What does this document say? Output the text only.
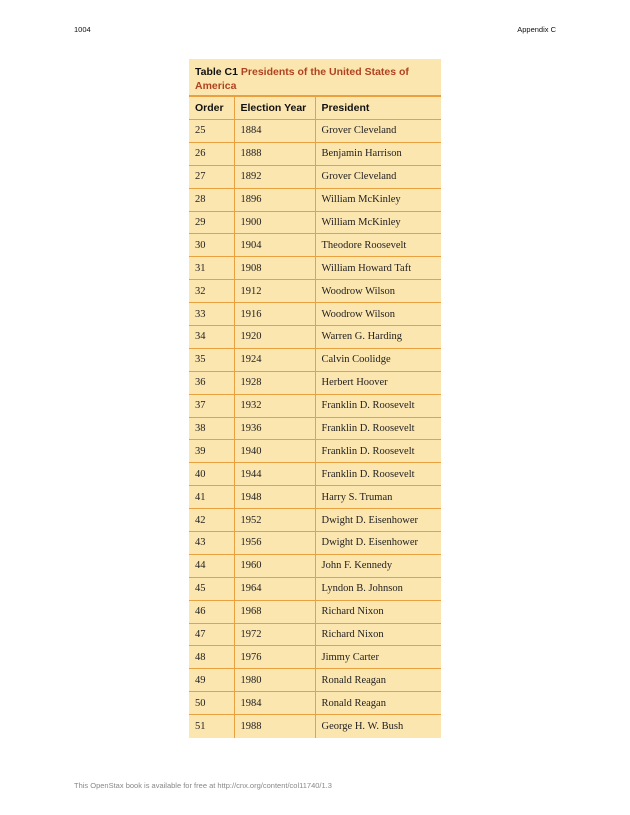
1004	Appendix C
Table C1 Presidents of the United States of America
Order	Election Year	President
25	1884	Grover Cleveland
26	1888	Benjamin Harrison
27	1892	Grover Cleveland
28	1896	William McKinley
29	1900	William McKinley
30	1904	Theodore Roosevelt
31	1908	William Howard Taft
32	1912	Woodrow Wilson
33	1916	Woodrow Wilson
34	1920	Warren G. Harding
35	1924	Calvin Coolidge
36	1928	Herbert Hoover
37	1932	Franklin D. Roosevelt
38	1936	Franklin D. Roosevelt
39	1940	Franklin D. Roosevelt
40	1944	Franklin D. Roosevelt
41	1948	Harry S. Truman
42	1952	Dwight D. Eisenhower
43	1956	Dwight D. Eisenhower
44	1960	John F. Kennedy
45	1964	Lyndon B. Johnson
46	1968	Richard Nixon
47	1972	Richard Nixon
48	1976	Jimmy Carter
49	1980	Ronald Reagan
50	1984	Ronald Reagan
51	1988	George H. W. Bush
This OpenStax book is available for free at http://cnx.org/content/col11740/1.3
